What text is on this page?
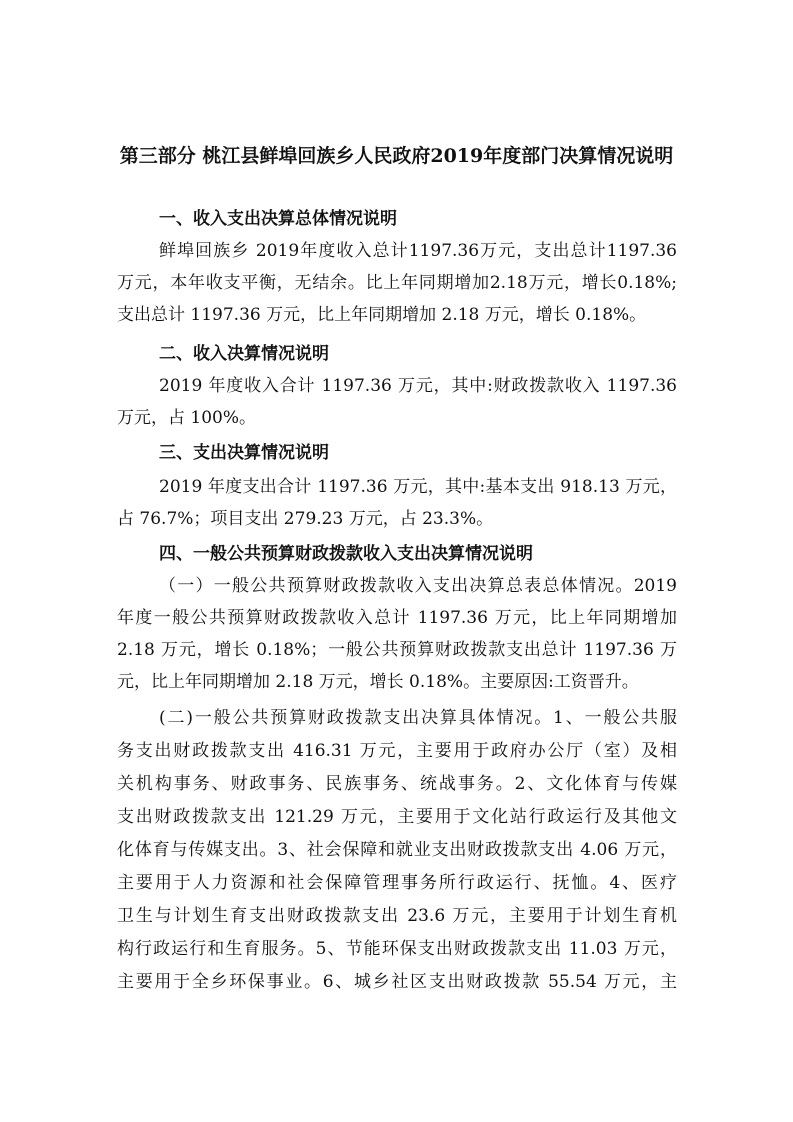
第三部分 桃江县鲜埠回族乡人民政府2019年度部门决算情况说明
一、收入支出决算总体情况说明
鲜埠回族乡 2019年度收入总计1197.36万元，支出总计1197.36
万元，本年收支平衡，无结余。比上年同期增加2.18万元，增长0.18%;
支出总计 1197.36 万元，比上年同期增加 2.18 万元，增长 0.18%。
二、收入决算情况说明
2019 年度收入合计 1197.36 万元，其中:财政拨款收入 1197.36
万元，占 100%。
三、支出决算情况说明
2019 年度支出合计 1197.36 万元，其中:基本支出 918.13 万元，
占 76.7%；项目支出 279.23 万元，占 23.3%。
四、一般公共预算财政拨款收入支出决算情况说明
（一）一般公共预算财政拨款收入支出决算总表总体情况。2019
年度一般公共预算财政拨款收入总计 1197.36 万元，比上年同期增加
2.18 万元，增长 0.18%；一般公共预算财政拨款支出总计 1197.36 万
元，比上年同期增加 2.18 万元，增长 0.18%。主要原因:工资晋升。
(二)一般公共预算财政拨款支出决算具体情况。1、一般公共服
务支出财政拨款支出 416.31 万元，主要用于政府办公厅（室）及相
关机构事务、财政事务、民族事务、统战事务。2、文化体育与传媒
支出财政拨款支出 121.29 万元，主要用于文化站行政运行及其他文
化体育与传媒支出。3、社会保障和就业支出财政拨款支出 4.06 万元，
主要用于人力资源和社会保障管理事务所行政运行、抚恤。4、医疗
卫生与计划生育支出财政拨款支出 23.6 万元，主要用于计划生育机
构行政运行和生育服务。5、节能环保支出财政拨款支出 11.03 万元，
主要用于全乡环保事业。6、城乡社区支出财政拨款 55.54 万元，主
